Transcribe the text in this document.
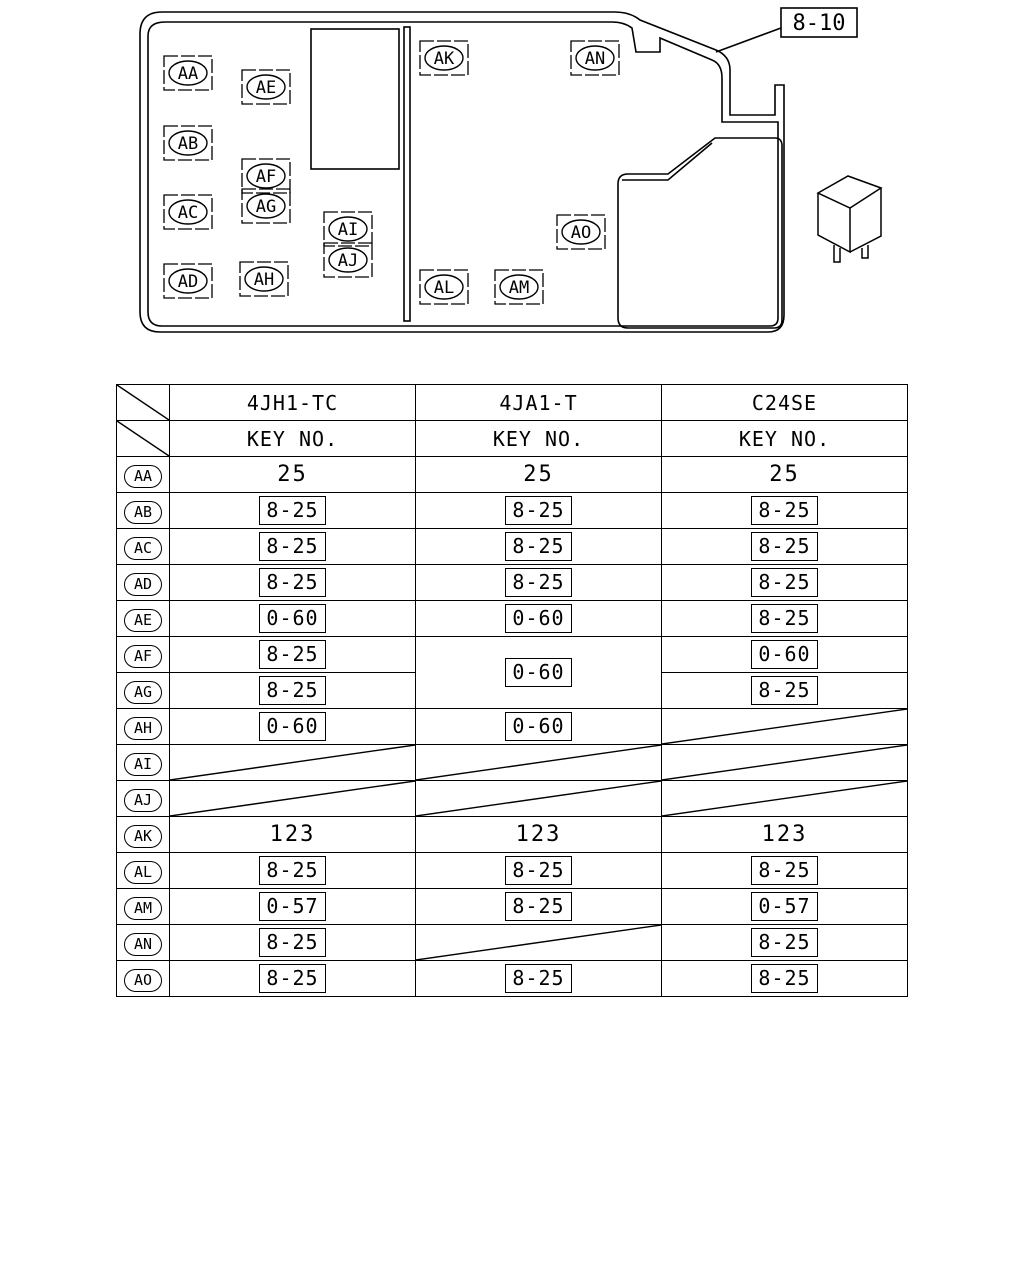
8-10
AA
AB
AC
AD
AE
AF
AG
AH
AI
AJ
AK
AL	AM
AN
AO
	4JH1-TC	4JA1-T	C24SE

	KEY NO.	KEY NO.	KEY NO.
AA	25	25	25
AB	8-25	8-25	8-25
AC	8-25	8-25	8-25
AD	8-25	8-25	8-25
AE	0-60	0-60	8-25
AF	8-25	0-60	0-60
AG	8-25		8-25
AH	0-60	0-60	

AI	

AJ	

AK	123	123	123
AL	8-25	8-25	8-25
AM	0-57	8-25	0-57
AN	8-25		8-25
AO	8-25	8-25	8-25
